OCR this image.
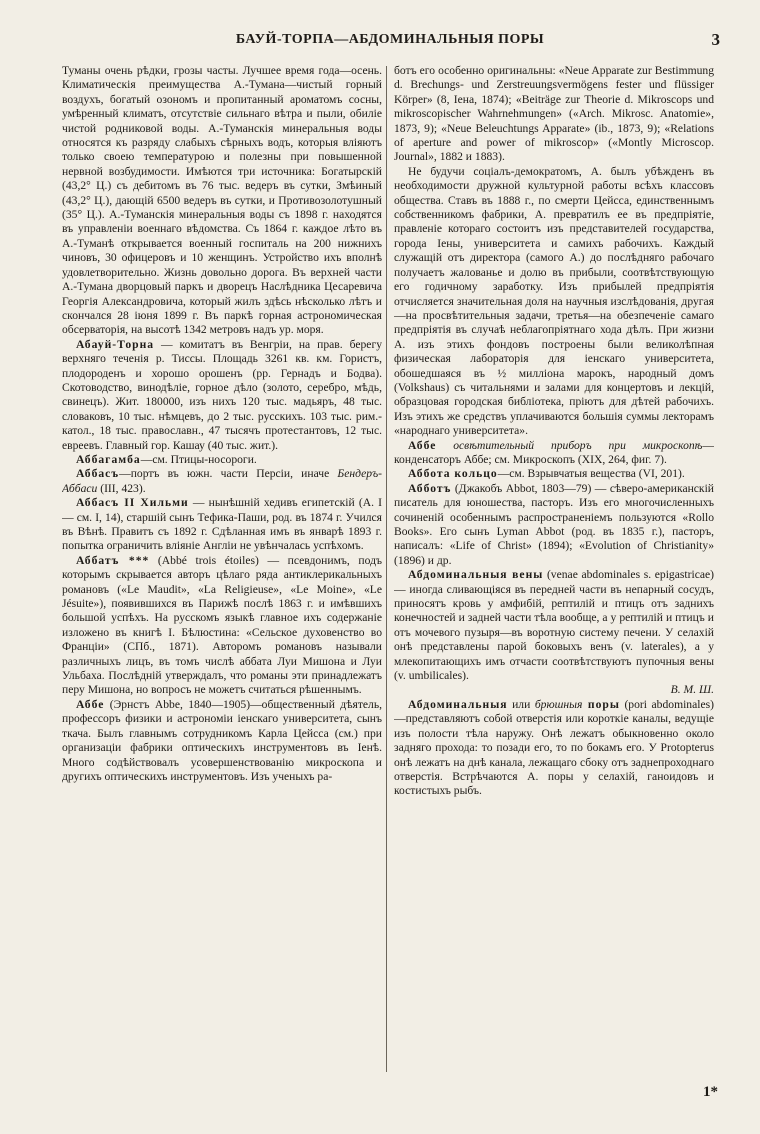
БАУЙ-ТОРПА—АБДОМИНАЛЬНЫЯ ПОРЫ	3

Туманы очень рѣдки, грозы часты. Лучшее время года—осень. Климатическія преимущества А.-Тумана—чистый горный воздухъ, богатый озономъ и пропитанный ароматомъ сосны, умѣренный климатъ, отсутствіе сильнаго вѣтра и пыли, обиліе чистой родниковой воды. А.-Туманскія минеральныя воды относятся къ разряду слабыхъ сѣрныхъ водъ, которыя вліяютъ только своею температурою и полезны при повышенной нервной возбудимости. Имѣются три источника: Богатырскій (43,2° Ц.) съ дебитомъ въ 76 тыс. ведеръ въ сутки, Змѣиный (43,2° Ц.), дающій 6500 ведеръ въ сутки, и Противозолотушный (35° Ц.). А.-Туманскія минеральныя воды съ 1898 г. находятся въ управленіи военнаго вѣдомства. Съ 1864 г. каждое лѣто въ А.-Туманѣ открывается военный госпиталь на 200 нижнихъ чиновъ, 30 офицеровъ и 10 женщинъ. Устройство ихъ вполнѣ удовлетворительно. Жизнь довольно дорога. Въ верхней части А.-Тумана дворцовый паркъ и дворецъ Наслѣдника Цесаревича Георгія Александровича, который жилъ здѣсь нѣсколько лѣтъ и скончался 28 іюня 1899 г. Въ паркѣ горная астрономическая обсерваторія, на высотѣ 1342 метровъ надъ ур. моря.

Абауй-Торна — комитатъ въ Венгріи, на прав. берегу верхняго теченія р. Тиссы. Площадь 3261 кв. км. Гористъ, плодороденъ и хорошо орошенъ (рр. Гернадъ и Бодва). Скотоводство, винодѣліе, горное дѣло (золото, серебро, мѣдь, свинецъ). Жит. 180000, изъ нихъ 120 тыс. мадьяръ, 48 тыс. словаковъ, 10 тыс. нѣмцевъ, до 2 тыс. русскихъ. 103 тыс. рим.-катол., 18 тыс. православн., 47 тысячъ протестантовъ, 12 тыс. евреевъ. Главный гор. Кашау (40 тыс. жит.).

Аббагамба—см. Птицы-носороги.

Аббасъ—портъ въ южн. части Персіи, иначе Бендеръ-Аббаси (III, 423).

Аббасъ II Хильми — нынѣшній хедивъ египетскій (А. I — см. I, 14), старшій сынъ Тефика-Паши, род. въ 1874 г. Учился въ Вѣнѣ. Правитъ съ 1892 г. Сдѣланная имъ въ январѣ 1893 г. попытка ограничить вліяніе Англіи не увѣнчалась успѣхомъ.

Аббатъ *** (Abbé trois étoiles) — псевдонимъ, подъ которымъ скрывается авторъ цѣлаго ряда антиклерикальныхъ романовъ («Le Maudit», «La Religieuse», «Le Moine», «Le Jésuite»), появившихся въ Парижѣ послѣ 1863 г. и имѣвшихъ большой успѣхъ. На русскомъ языкѣ главное ихъ содержаніе изложено въ книгѣ I. Бѣлюстина: «Сельское духовенство во Франціи» (СПб., 1871). Авторомъ романовъ называли различныхъ лицъ, въ томъ числѣ аббата Луи Мишона и Луи Ульбаха. Послѣдній утверждалъ, что романы эти принадлежатъ перу Мишона, но вопросъ не можетъ считаться рѣшеннымъ.

Аббе (Эрнстъ Abbe, 1840—1905)—общественный дѣятель, профессоръ физики и астрономіи іенскаго университета, сынъ ткача. Былъ главнымъ сотрудникомъ Карла Цейсса (см.) при организаціи фабрики оптическихъ инструментовъ въ Іенѣ. Много содѣйствовалъ усовершенствованію микроскопа и другихъ оптическихъ инструментовъ. Изъ ученыхъ ра-

ботъ его особенно оригинальны: «Neue Apparate zur Bestimmung d. Brechungs- und Zerstreuungsvermögens fester und flüssiger Körper» (8, Iена, 1874); «Beiträge zur Theorie d. Mikroscops und mikroscopischer Wahrnehmungen» («Arch. Mikrosc. Anatomie», 1873, 9); «Neue Beleuchtungs Apparate» (ib., 1873, 9); «Relations of aperture and power of mikroscop» («Montly Microscop. Journal», 1882 и 1883).

Не будучи соціалъ-демократомъ, А. былъ убѣжденъ въ необходимости дружной культурной работы всѣхъ классовъ общества. Ставъ въ 1888 г., по смерти Цейсса, единственнымъ собственникомъ фабрики, А. превратилъ ее въ предпріятіе, правленіе котораго состоитъ изъ представителей государства, города Іены, университета и самихъ рабочихъ. Каждый служащій отъ директора (самого А.) до послѣдняго рабочаго получаетъ жалованье и долю въ прибыли, соотвѣтствующую его годичному заработку. Изъ прибылей предпріятія отчисляется значительная доля на научныя изслѣдованія, другая—на просвѣтительныя задачи, третья—на обезпеченіе самаго предпріятія въ случаѣ неблагопріятнаго хода дѣлъ. При жизни А. изъ этихъ фондовъ построены были великолѣпная физическая лабораторія для іенскаго университета, обошедшаяся въ ½ милліона марокъ, народный домъ (Volkshaus) съ читальнями и залами для концертовъ и лекцій, образцовая городская библіотека, пріютъ для дѣтей рабочихъ. Изъ этихъ же средствъ уплачиваются большія суммы лекторамъ «народнаго университета».

Аббе освѣтительный приборъ при микроскопѣ—конденсаторъ Аббе; см. Микроскопъ (XIX, 264, фиг. 7).

Аббота кольцо—см. Взрывчатыя вещества (VI, 201).

Абботъ (Джакобъ Abbot, 1803—79) — сѣверо-американскій писатель для юношества, пасторъ. Изъ его многочисленныхъ сочиненій особеннымъ распространеніемъ пользуются «Rollo Books». Его сынъ Lyman Abbot (род. въ 1835 г.), пасторъ, написалъ: «Life of Christ» (1894); «Evolution of Christianity» (1896) и др.

Абдоминальныя вены (venae abdominales s. epigastricae) — иногда сливающіяся въ передней части въ непарный сосудъ, приносятъ кровь у амфибій, рептилій и птицъ отъ заднихъ конечностей и задней части тѣла вообще, а у рептилій и птицъ и отъ мочевого пузыря—въ воротную систему печени. У селахій онѣ представлены парой боковыхъ венъ (v. laterales), а у млекопитающихъ имъ отчасти соотвѣтствуютъ пупочныя вены (v. umbilicales).

В. М. Ш.

Абдоминальныя или брюшныя поры (pori abdominales)—представляютъ собой отверстія или короткіе каналы, ведущіе изъ полости тѣла наружу. Онѣ лежатъ обыкновенно около задняго прохода: то позади его, то по бокамъ его. У Protopterus онѣ лежатъ на днѣ канала, лежащаго сбоку отъ заднепроходнаго отверстія. Встрѣчаются А. поры у селахій, ганоидовъ и костистыхъ рыбъ.

1*
